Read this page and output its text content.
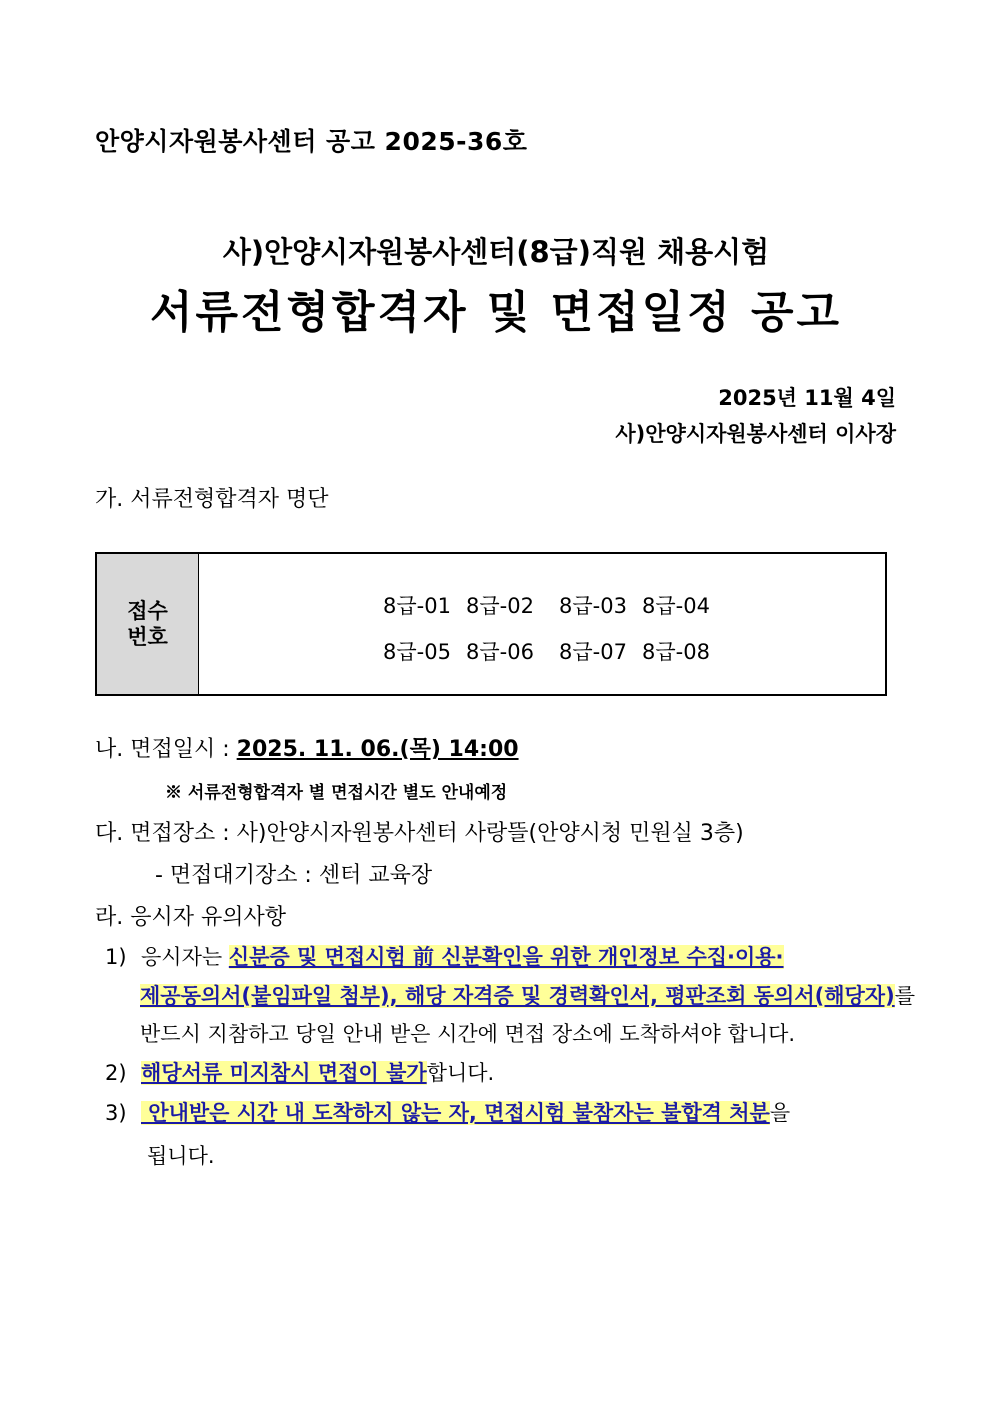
안양시자원봉사센터 공고 2025-36호
사)안양시자원봉사센터(8급)직원 채용시험
서류전형합격자 및 면접일정 공고
2025년 11월 4일
사)안양시자원봉사센터 이사장
가. 서류전형합격자 명단
접수
번호
8급-01 8급-02	8급-03 8급-04
8급-05 8급-06	8급-07 8급-08
나. 면접일시 : 2025. 11. 06.(목) 14:00
※ 서류전형합격자 별 면접시간 별도 안내예정
다. 면접장소 : 사)안양시자원봉사센터 사랑뜰(안양시청 민원실 3층)
- 면접대기장소 : 센터 교육장
라. 응시자 유의사항
1) 응시자는 신분증 및 면접시험 前 신분확인을 위한 개인정보 수집·이용·
제공동의서(붙임파일 첨부), 해당 자격증 및 경력확인서, 평판조회 동의서(해당자)를
반드시 지참하고 당일 안내 받은 시간에 면접 장소에 도착하셔야 합니다.
2) 해당서류 미지참시 면접이 불가합니다.
3) 안내받은 시간 내 도착하지 않는 자, 면접시험 불참자는 불합격 처분을
됩니다.
